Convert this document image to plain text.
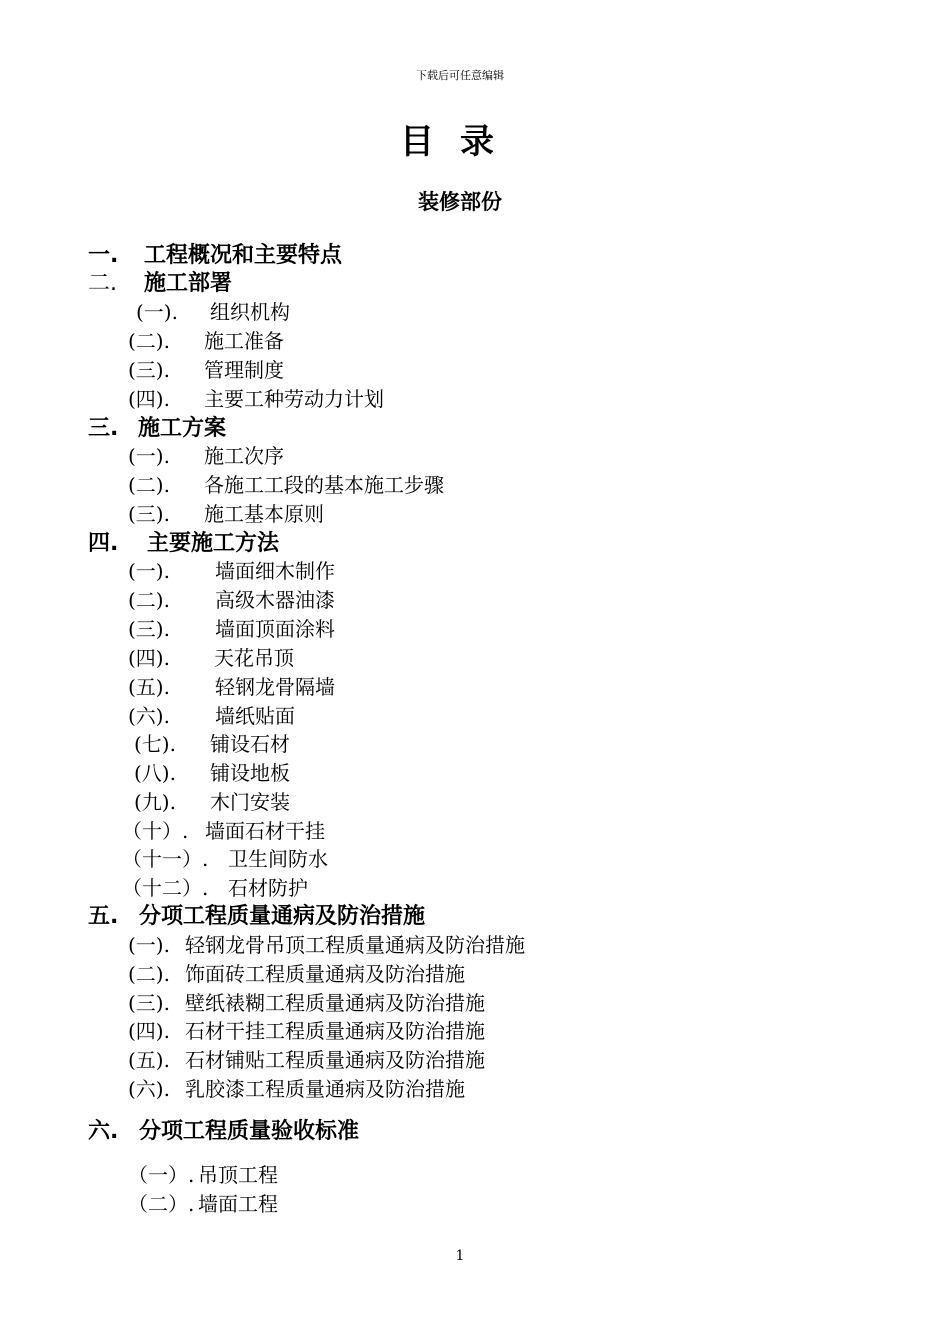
下载后可任意编辑
目录
装修部份
一. 工程概况和主要特点
二. 施工部署
(一). 组织机构
(二). 施工准备
(三). 管理制度
(四). 主要工种劳动力计划
三. 施工方案
(一). 施工次序
(二). 各施工工段的基本施工步骤
(三). 施工基本原则
四. 主要施工方法
(一). 墙面细木制作
(二). 高级木器油漆
(三). 墙面顶面涂料
(四). 天花吊顶
(五). 轻钢龙骨隔墙
(六). 墙纸贴面
(七). 铺设石材
(八). 铺设地板
(九). 木门安装
（十）. 墙面石材干挂
（十一）. 卫生间防水
（十二）. 石材防护
五. 分项工程质量通病及防治措施
(一). 轻钢龙骨吊顶工程质量通病及防治措施
(二). 饰面砖工程质量通病及防治措施
(三). 壁纸裱糊工程质量通病及防治措施
(四). 石材干挂工程质量通病及防治措施
(五). 石材铺贴工程质量通病及防治措施
(六). 乳胶漆工程质量通病及防治措施
六. 分项工程质量验收标准
（一）. 吊顶工程
（二）. 墙面工程
1
